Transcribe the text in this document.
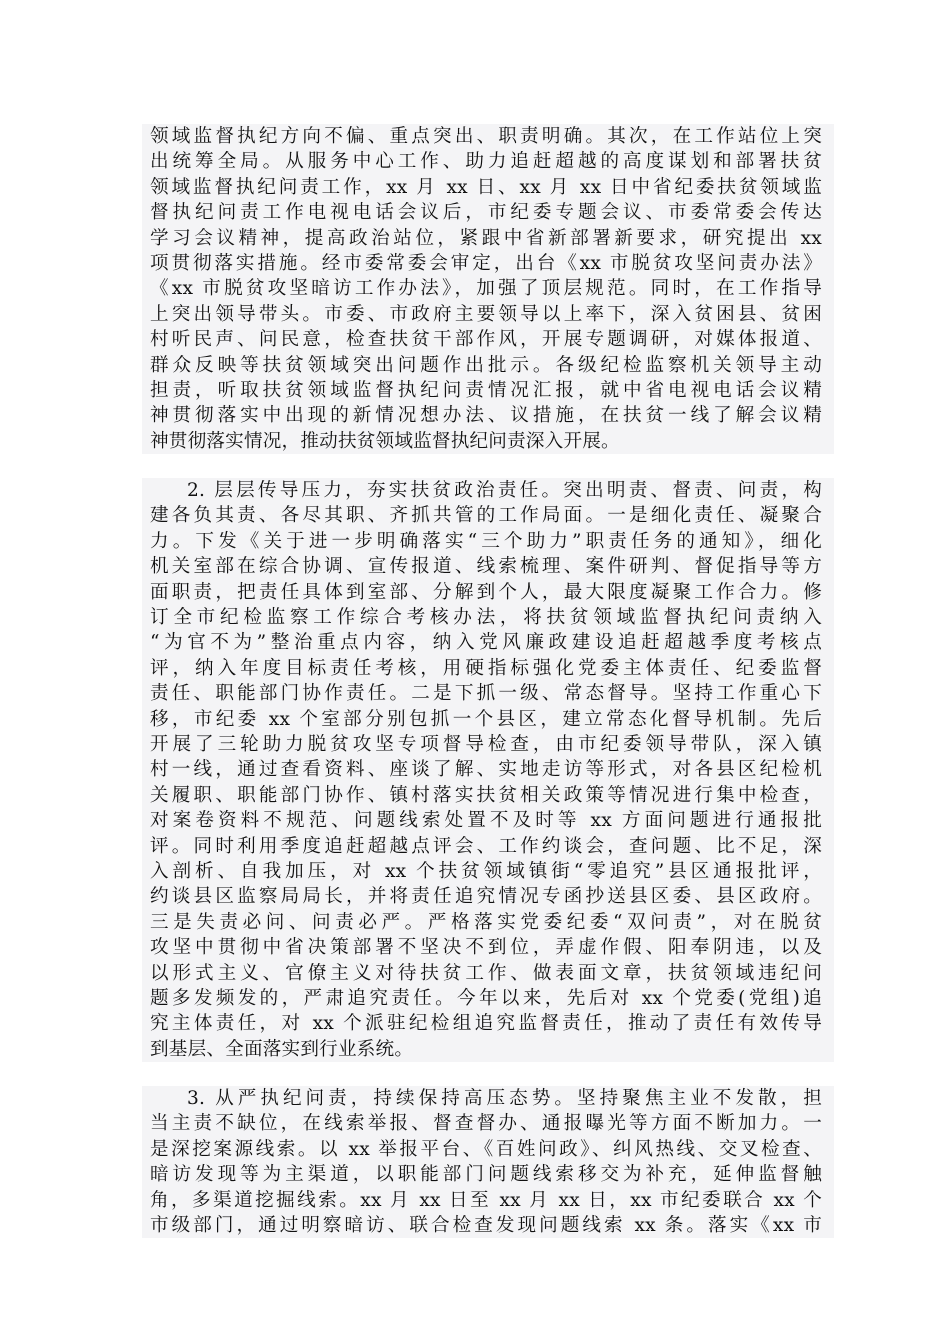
领域监督执纪方向不偏、重点突出、职责明确。其次，在工作站位上突
出统筹全局。从服务中心工作、助力追赶超越的高度谋划和部署扶贫
领域监督执纪问责工作，xx 月 xx 日、xx 月 xx 日中省纪委扶贫领域监
督执纪问责工作电视电话会议后，市纪委专题会议、市委常委会传达
学习会议精神，提高政治站位，紧跟中省新部署新要求，研究提出 xx
项贯彻落实措施。经市委常委会审定，出台《xx 市脱贫攻坚问责办法》
《xx 市脱贫攻坚暗访工作办法》，加强了顶层规范。同时，在工作指导
上突出领导带头。市委、市政府主要领导以上率下，深入贫困县、贫困
村听民声、问民意，检查扶贫干部作风，开展专题调研，对媒体报道、
群众反映等扶贫领域突出问题作出批示。各级纪检监察机关领导主动
担责，听取扶贫领域监督执纪问责情况汇报，就中省电视电话会议精
神贯彻落实中出现的新情况想办法、议措施，在扶贫一线了解会议精
神贯彻落实情况，推动扶贫领域监督执纪问责深入开展。
2. 层层传导压力，夯实扶贫政治责任。突出明责、督责、问责，构
建各负其责、各尽其职、齐抓共管的工作局面。一是细化责任、凝聚合
力。下发《关于进一步明确落实“三个助力”职责任务的通知》，细化
机关室部在综合协调、宣传报道、线索梳理、案件研判、督促指导等方
面职责，把责任具体到室部、分解到个人，最大限度凝聚工作合力。修
订全市纪检监察工作综合考核办法，将扶贫领域监督执纪问责纳入
“为官不为”整治重点内容，纳入党风廉政建设追赶超越季度考核点
评，纳入年度目标责任考核，用硬指标强化党委主体责任、纪委监督
责任、职能部门协作责任。二是下抓一级、常态督导。坚持工作重心下
移，市纪委 xx 个室部分别包抓一个县区，建立常态化督导机制。先后
开展了三轮助力脱贫攻坚专项督导检查，由市纪委领导带队，深入镇
村一线，通过查看资料、座谈了解、实地走访等形式，对各县区纪检机
关履职、职能部门协作、镇村落实扶贫相关政策等情况进行集中检查，
对案卷资料不规范、问题线索处置不及时等 xx 方面问题进行通报批
评。同时利用季度追赶超越点评会、工作约谈会，查问题、比不足，深
入剖析、自我加压，对 xx 个扶贫领域镇街“零追究”县区通报批评，
约谈县区监察局局长，并将责任追究情况专函抄送县区委、县区政府。
三是失责必问、问责必严。严格落实党委纪委“双问责”，对在脱贫
攻坚中贯彻中省决策部署不坚决不到位，弄虚作假、阳奉阴违，以及
以形式主义、官僚主义对待扶贫工作、做表面文章，扶贫领域违纪问
题多发频发的，严肃追究责任。今年以来，先后对 xx 个党委(党组)追
究主体责任，对 xx 个派驻纪检组追究监督责任，推动了责任有效传导
到基层、全面落实到行业系统。
3. 从严执纪问责，持续保持高压态势。坚持聚焦主业不发散，担
当主责不缺位，在线索举报、督查督办、通报曝光等方面不断加力。一
是深挖案源线索。以 xx 举报平台、《百姓问政》、纠风热线、交叉检查、
暗访发现等为主渠道，以职能部门问题线索移交为补充，延伸监督触
角，多渠道挖掘线索。xx 月 xx 日至 xx 月 xx 日，xx 市纪委联合 xx 个
市级部门，通过明察暗访、联合检查发现问题线索 xx 条。落实《xx 市
